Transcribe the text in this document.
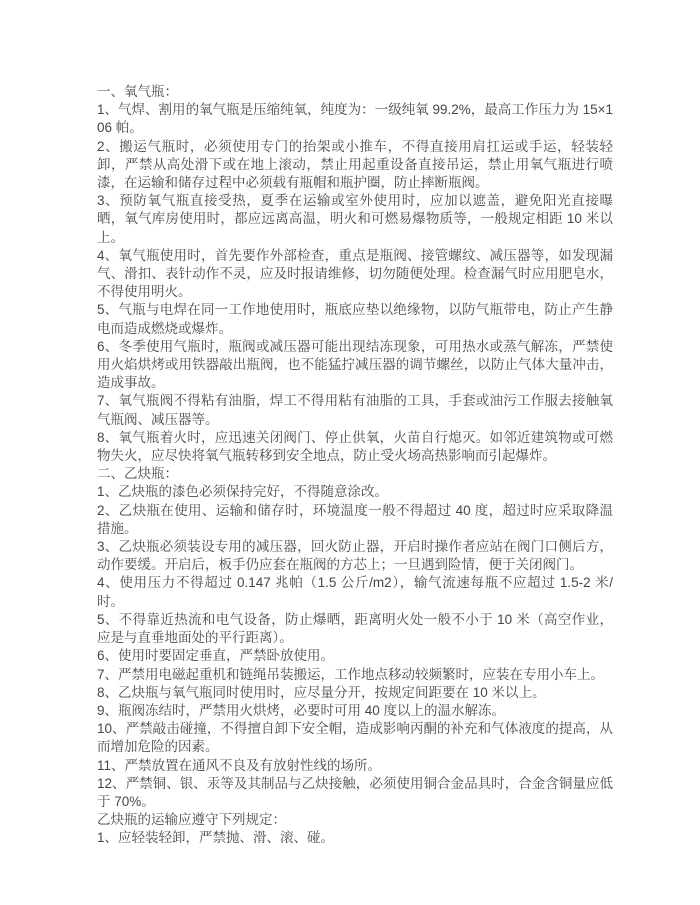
一、氧气瓶：

1、气焊、割用的氧气瓶是压缩纯氧，纯度为：一级纯氧 99.2%，最高工作压力为 15×106 帕。

2、搬运气瓶时，必须使用专门的抬架或小推车，不得直接用肩扛运或手运，轻装轻卸，严禁从高处滑下或在地上滚动，禁止用起重设备直接吊运，禁止用氧气瓶进行喷漆，在运输和储存过程中必须载有瓶帽和瓶护圈，防止摔断瓶阀。

3、预防氧气瓶直接受热，夏季在运输或室外使用时，应加以遮盖，避免阳光直接曝晒，氧气库房使用时，都应远离高温，明火和可燃易爆物质等，一般规定相距 10 米以上。

4、氧气瓶使用时，首先要作外部检查，重点是瓶阀、接管螺纹、减压器等，如发现漏气、滑扣、表针动作不灵，应及时报请维修，切勿随便处理。检查漏气时应用肥皂水，不得使用明火。

5、气瓶与电焊在同一工作地使用时，瓶底应垫以绝缘物，以防气瓶带电，防止产生静电而造成燃烧或爆炸。

6、冬季使用气瓶时，瓶阀或减压器可能出现结冻现象，可用热水或蒸气解冻，严禁使用火焰烘烤或用铁器敲出瓶阀，也不能猛拧减压器的调节螺丝，以防止气体大量冲击，造成事故。

7、氧气瓶阀不得粘有油脂，焊工不得用粘有油脂的工具，手套或油污工作服去接触氧气瓶阀、减压器等。

8、氧气瓶着火时，应迅速关闭阀门、停止供氧，火苗自行熄灭。如邻近建筑物或可燃物失火，应尽快将氧气瓶转移到安全地点，防止受火场高热影响而引起爆炸。

二、乙炔瓶：

1、乙炔瓶的漆色必须保持完好，不得随意涂改。

2、乙炔瓶在使用、运输和储存时，环境温度一般不得超过 40 度，超过时应采取降温措施。

3、乙炔瓶必须装设专用的减压器，回火防止器，开启时操作者应站在阀门口侧后方，动作要缓。开启后，板手仍应套在瓶阀的方芯上；一旦遇到险情，便于关闭阀门。

4、使用压力不得超过 0.147 兆帕（1.5 公斤/m2），输气流速每瓶不应超过 1.5-2 米/时。

5、不得靠近热流和电气设备，防止爆晒，距离明火处一般不小于 10 米（高空作业，应是与直垂地面处的平行距离）。

6、使用时要固定垂直，严禁卧放使用。

7、严禁用电磁起重机和链绳吊装搬运，工作地点移动较频繁时，应装在专用小车上。

8、乙炔瓶与氧气瓶同时使用时，应尽量分开，按规定间距要在 10 米以上。

9、瓶阀冻结时，严禁用火烘烤，必要时可用 40 度以上的温水解冻。

10、严禁敲击碰撞，不得擅自卸下安全帽，造成影响丙酮的补充和气体液度的提高，从而增加危险的因素。

11、严禁放置在通风不良及有放射性线的场所。

12、严禁铜、银、汞等及其制品与乙炔接触，必须使用铜合金品具时，合金含铜量应低于 70%。

乙炔瓶的运输应遵守下列规定：

1、应轻装轻卸，严禁抛、滑、滚、碰。
